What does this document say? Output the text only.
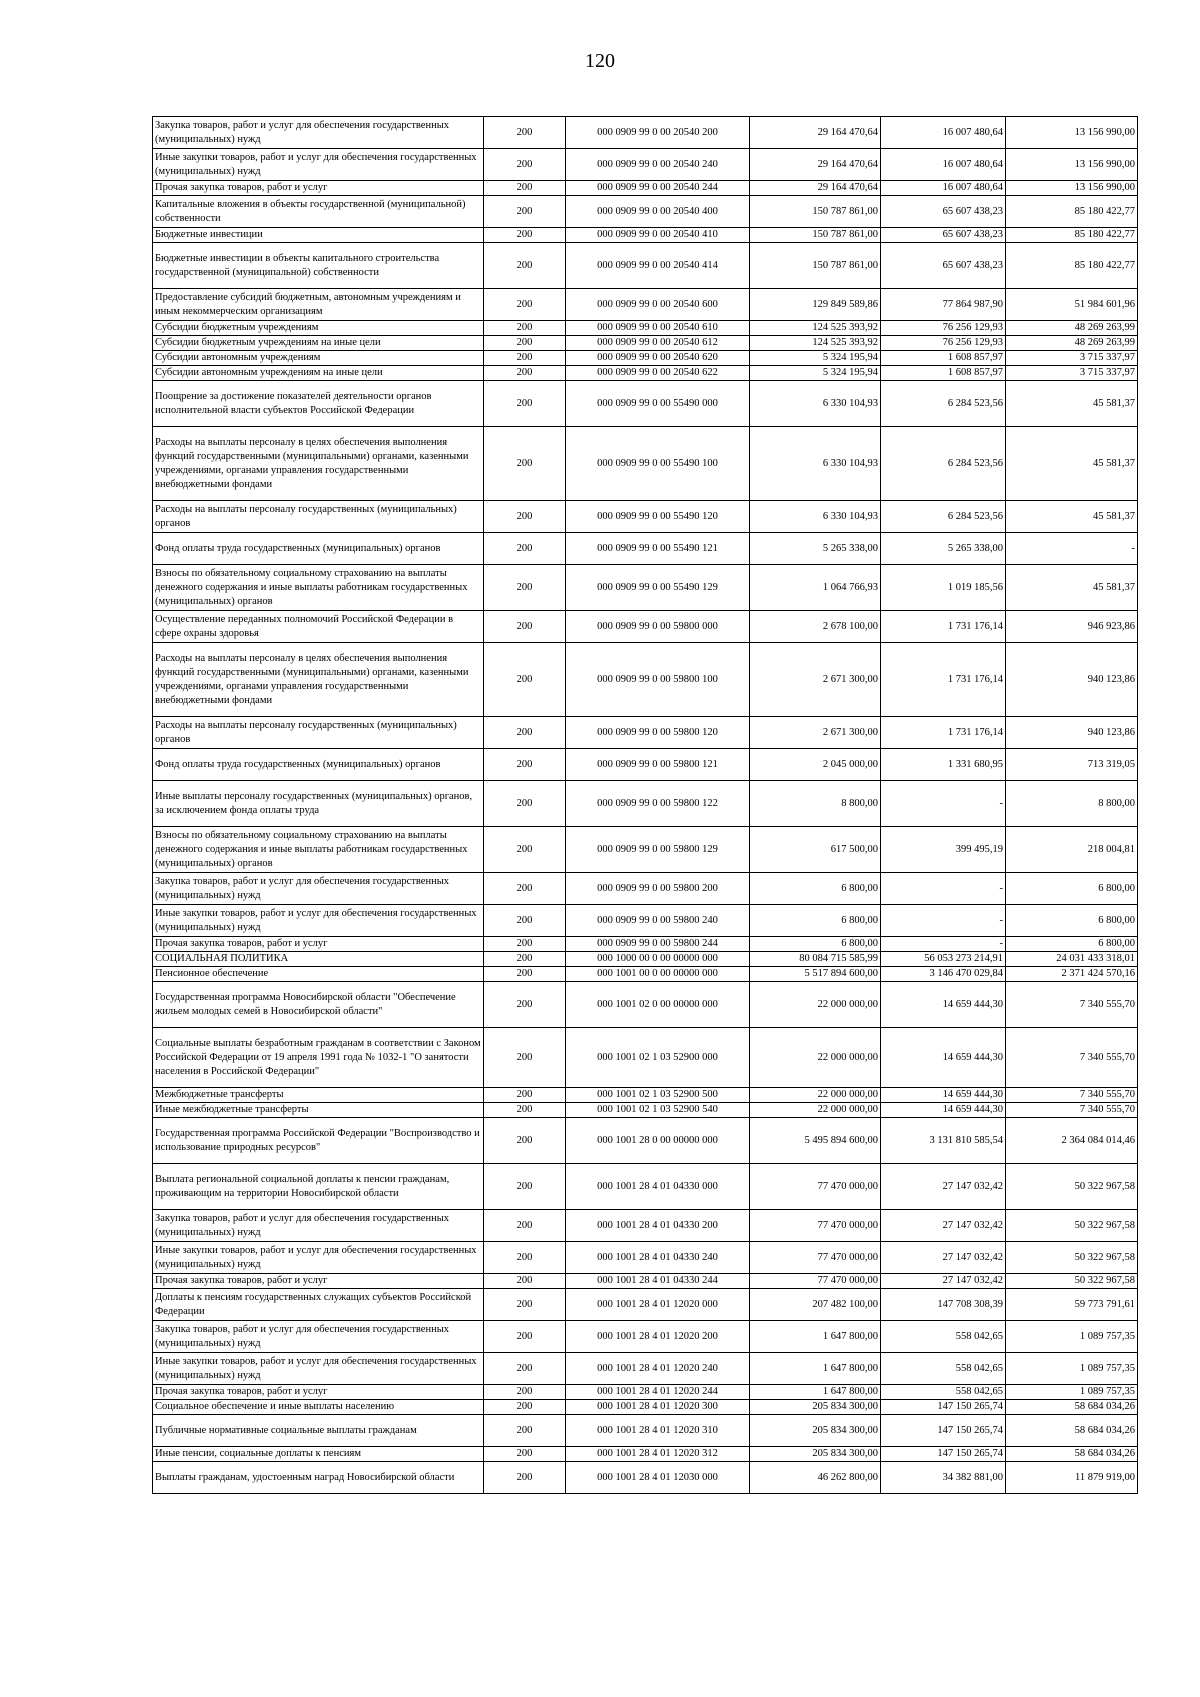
120
Закупка товаров, работ и услуг для обеспечения государственных (муниципальных) нужд	200	000 0909 99 0 00 20540 200	29 164 470,64	16 007 480,64	13 156 990,00
Иные закупки товаров, работ и услуг для обеспечения государственных (муниципальных) нужд	200	000 0909 99 0 00 20540 240	29 164 470,64	16 007 480,64	13 156 990,00
Прочая закупка товаров, работ и услуг	200	000 0909 99 0 00 20540 244	29 164 470,64	16 007 480,64	13 156 990,00
Капитальные вложения в объекты государственной (муниципальной) собственности	200	000 0909 99 0 00 20540 400	150 787 861,00	65 607 438,23	85 180 422,77
Бюджетные инвестиции	200	000 0909 99 0 00 20540 410	150 787 861,00	65 607 438,23	85 180 422,77
Бюджетные инвестиции в объекты капитального строительства государственной (муниципальной) собственности	200	000 0909 99 0 00 20540 414	150 787 861,00	65 607 438,23	85 180 422,77
Предоставление субсидий бюджетным, автономным учреждениям и иным некоммерческим организациям	200	000 0909 99 0 00 20540 600	129 849 589,86	77 864 987,90	51 984 601,96
Субсидии бюджетным учреждениям	200	000 0909 99 0 00 20540 610	124 525 393,92	76 256 129,93	48 269 263,99
Субсидии бюджетным учреждениям на иные цели	200	000 0909 99 0 00 20540 612	124 525 393,92	76 256 129,93	48 269 263,99
Субсидии автономным учреждениям	200	000 0909 99 0 00 20540 620	5 324 195,94	1 608 857,97	3 715 337,97
Субсидии автономным учреждениям на иные цели	200	000 0909 99 0 00 20540 622	5 324 195,94	1 608 857,97	3 715 337,97
Поощрение за достижение показателей деятельности органов исполнительной власти субъектов Российской Федерации	200	000 0909 99 0 00 55490 000	6 330 104,93	6 284 523,56	45 581,37
Расходы на выплаты персоналу в целях обеспечения выполнения функций государственными (муниципальными) органами, казенными учреждениями, органами управления государственными внебюджетными фондами	200	000 0909 99 0 00 55490 100	6 330 104,93	6 284 523,56	45 581,37
Расходы на выплаты персоналу государственных (муниципальных) органов	200	000 0909 99 0 00 55490 120	6 330 104,93	6 284 523,56	45 581,37
Фонд оплаты труда государственных (муниципальных) органов	200	000 0909 99 0 00 55490 121	5 265 338,00	5 265 338,00	-
Взносы по обязательному социальному страхованию на выплаты денежного содержания и иные выплаты работникам государственных (муниципальных) органов	200	000 0909 99 0 00 55490 129	1 064 766,93	1 019 185,56	45 581,37
Осуществление переданных полномочий Российской Федерации в сфере охраны здоровья	200	000 0909 99 0 00 59800 000	2 678 100,00	1 731 176,14	946 923,86
Расходы на выплаты персоналу в целях обеспечения выполнения функций государственными (муниципальными) органами, казенными учреждениями, органами управления государственными внебюджетными фондами	200	000 0909 99 0 00 59800 100	2 671 300,00	1 731 176,14	940 123,86
Расходы на выплаты персоналу государственных (муниципальных) органов	200	000 0909 99 0 00 59800 120	2 671 300,00	1 731 176,14	940 123,86
Фонд оплаты труда государственных (муниципальных) органов	200	000 0909 99 0 00 59800 121	2 045 000,00	1 331 680,95	713 319,05
Иные выплаты персоналу государственных (муниципальных) органов, за исключением фонда оплаты труда	200	000 0909 99 0 00 59800 122	8 800,00	-	8 800,00
Взносы по обязательному социальному страхованию на выплаты денежного содержания и иные выплаты работникам государственных (муниципальных) органов	200	000 0909 99 0 00 59800 129	617 500,00	399 495,19	218 004,81
Закупка товаров, работ и услуг для обеспечения государственных (муниципальных) нужд	200	000 0909 99 0 00 59800 200	6 800,00	-	6 800,00
Иные закупки товаров, работ и услуг для обеспечения государственных (муниципальных) нужд	200	000 0909 99 0 00 59800 240	6 800,00	-	6 800,00
Прочая закупка товаров, работ и услуг	200	000 0909 99 0 00 59800 244	6 800,00	-	6 800,00
СОЦИАЛЬНАЯ ПОЛИТИКА	200	000 1000 00 0 00 00000 000	80 084 715 585,99	56 053 273 214,91	24 031 433 318,01
Пенсионное обеспечение	200	000 1001 00 0 00 00000 000	5 517 894 600,00	3 146 470 029,84	2 371 424 570,16
Государственная программа Новосибирской области "Обеспечение жильем молодых семей в Новосибирской области"	200	000 1001 02 0 00 00000 000	22 000 000,00	14 659 444,30	7 340 555,70
Социальные выплаты безработным гражданам в соответствии с Законом Российской Федерации от 19 апреля 1991 года № 1032-1 "О занятости населения в Российской Федерации"	200	000 1001 02 1 03 52900 000	22 000 000,00	14 659 444,30	7 340 555,70
Межбюджетные трансферты	200	000 1001 02 1 03 52900 500	22 000 000,00	14 659 444,30	7 340 555,70
Иные межбюджетные трансферты	200	000 1001 02 1 03 52900 540	22 000 000,00	14 659 444,30	7 340 555,70
Государственная программа Российской Федерации "Воспроизводство и использование природных ресурсов"	200	000 1001 28 0 00 00000 000	5 495 894 600,00	3 131 810 585,54	2 364 084 014,46
Выплата региональной социальной доплаты к пенсии гражданам, проживающим на территории Новосибирской области	200	000 1001 28 4 01 04330 000	77 470 000,00	27 147 032,42	50 322 967,58
Закупка товаров, работ и услуг для обеспечения государственных (муниципальных) нужд	200	000 1001 28 4 01 04330 200	77 470 000,00	27 147 032,42	50 322 967,58
Иные закупки товаров, работ и услуг для обеспечения государственных (муниципальных) нужд	200	000 1001 28 4 01 04330 240	77 470 000,00	27 147 032,42	50 322 967,58
Прочая закупка товаров, работ и услуг	200	000 1001 28 4 01 04330 244	77 470 000,00	27 147 032,42	50 322 967,58
Доплаты к пенсиям государственных служащих субъектов Российской Федерации	200	000 1001 28 4 01 12020 000	207 482 100,00	147 708 308,39	59 773 791,61
Закупка товаров, работ и услуг для обеспечения государственных (муниципальных) нужд	200	000 1001 28 4 01 12020 200	1 647 800,00	558 042,65	1 089 757,35
Иные закупки товаров, работ и услуг для обеспечения государственных (муниципальных) нужд	200	000 1001 28 4 01 12020 240	1 647 800,00	558 042,65	1 089 757,35
Прочая закупка товаров, работ и услуг	200	000 1001 28 4 01 12020 244	1 647 800,00	558 042,65	1 089 757,35
Социальное обеспечение и иные выплаты населению	200	000 1001 28 4 01 12020 300	205 834 300,00	147 150 265,74	58 684 034,26
Публичные нормативные социальные выплаты гражданам	200	000 1001 28 4 01 12020 310	205 834 300,00	147 150 265,74	58 684 034,26
Иные пенсии, социальные доплаты к пенсиям	200	000 1001 28 4 01 12020 312	205 834 300,00	147 150 265,74	58 684 034,26
Выплаты гражданам, удостоенным наград Новосибирской области	200	000 1001 28 4 01 12030 000	46 262 800,00	34 382 881,00	11 879 919,00
